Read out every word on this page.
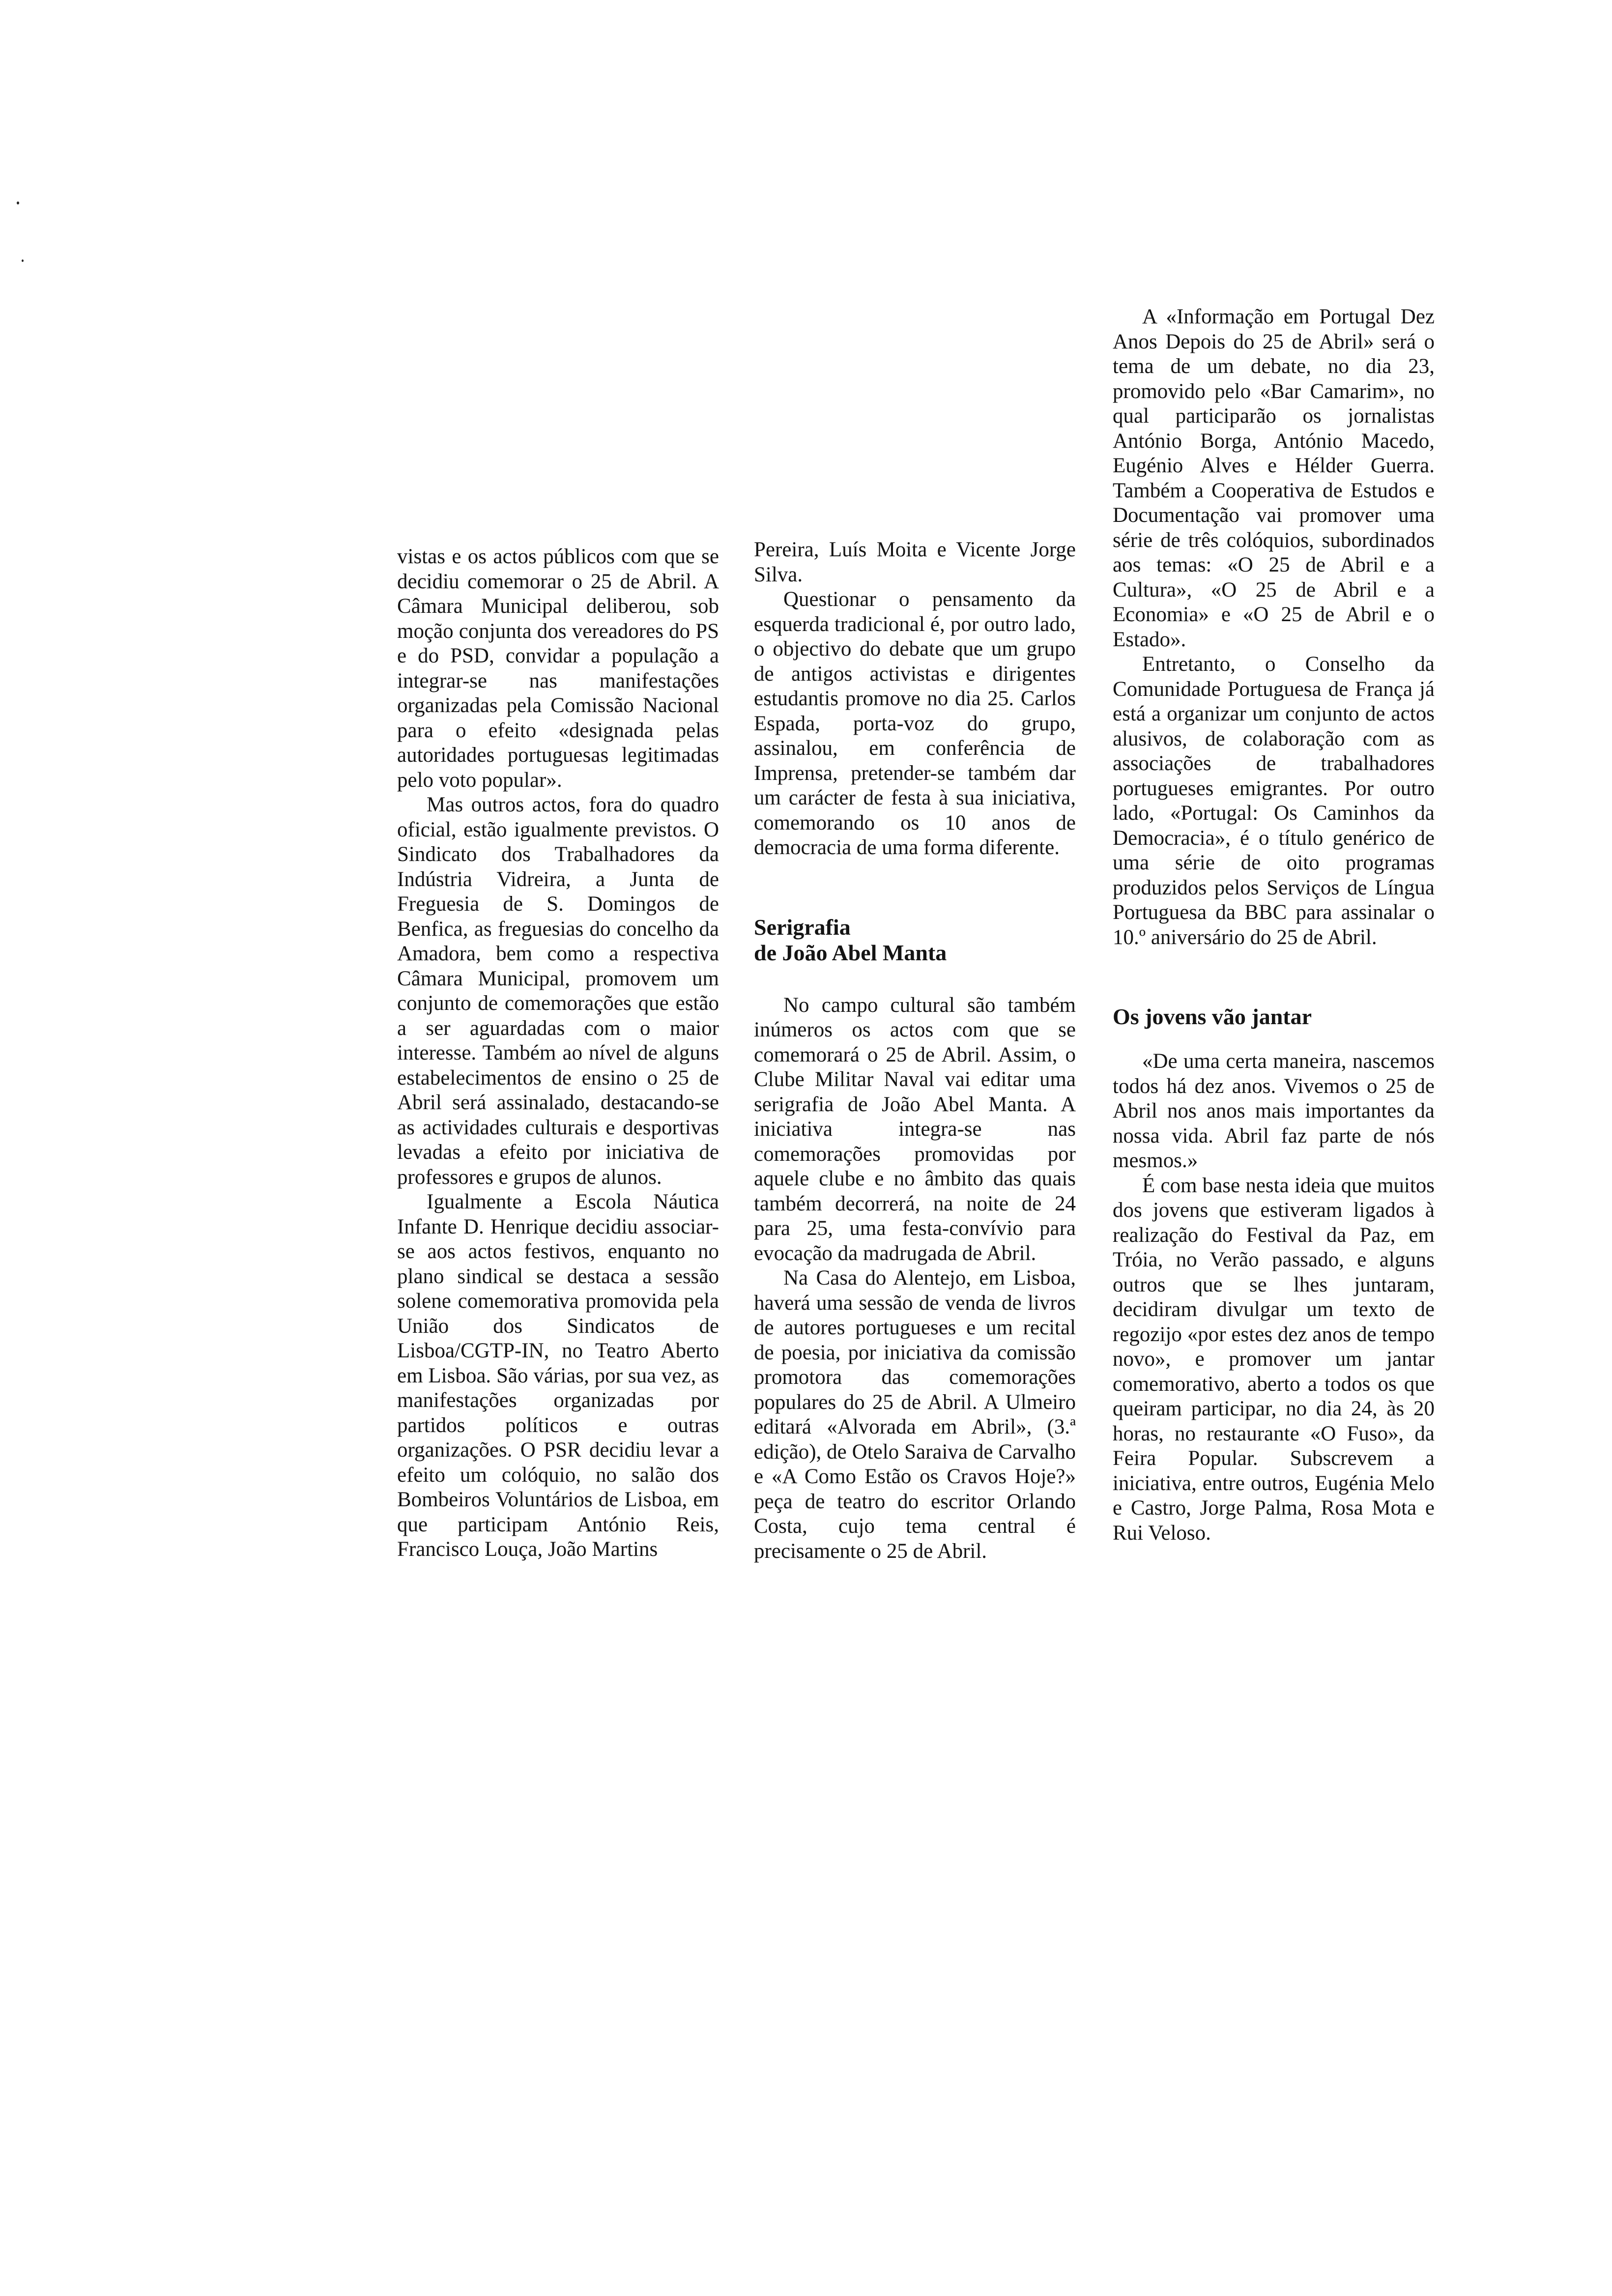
vistas e os actos públicos com que se decidiu comemorar o 25 de Abril. A Câmara Municipal deliberou, sob moção conjunta dos vereadores do PS e do PSD, convidar a população a integrar-se nas manifestações organizadas pela Comissão Nacional para o efeito «designada pelas autoridades portuguesas legitimadas pelo voto popular».

Mas outros actos, fora do quadro oficial, estão igualmente previstos. O Sindicato dos Trabalhadores da Indústria Vidreira, a Junta de Freguesia de S. Domingos de Benfica, as freguesias do concelho da Amadora, bem como a respectiva Câmara Municipal, promovem um conjunto de comemorações que estão a ser aguardadas com o maior interesse. Também ao nível de alguns estabelecimentos de ensino o 25 de Abril será assinalado, destacando-se as actividades culturais e desportivas levadas a efeito por iniciativa de professores e grupos de alunos.

Igualmente a Escola Náutica Infante D. Henrique decidiu associar-se aos actos festivos, enquanto no plano sindical se destaca a sessão solene comemorativa promovida pela União dos Sindicatos de Lisboa/CGTP-IN, no Teatro Aberto em Lisboa. São várias, por sua vez, as manifestações organizadas por partidos políticos e outras organizações. O PSR decidiu levar a efeito um colóquio, no salão dos Bombeiros Voluntários de Lisboa, em que participam António Reis, Francisco Louça, João Martins

Pereira, Luís Moita e Vicente Jorge Silva.

Questionar o pensamento da esquerda tradicional é, por outro lado, o objectivo do debate que um grupo de antigos activistas e dirigentes estudantis promove no dia 25. Carlos Espada, porta-voz do grupo, assinalou, em conferência de Imprensa, pretender-se também dar um carácter de festa à sua iniciativa, comemorando os 10 anos de democracia de uma forma diferente.

Serigrafia
de João Abel Manta

No campo cultural são também inúmeros os actos com que se comemorará o 25 de Abril. Assim, o Clube Militar Naval vai editar uma serigrafia de João Abel Manta. A iniciativa integra-se nas comemorações promovidas por aquele clube e no âmbito das quais também decorrerá, na noite de 24 para 25, uma festa-convívio para evocação da madrugada de Abril.

Na Casa do Alentejo, em Lisboa, haverá uma sessão de venda de livros de autores portugueses e um recital de poesia, por iniciativa da comissão promotora das comemorações populares do 25 de Abril. A Ulmeiro editará «Alvorada em Abril», (3.ª edição), de Otelo Saraiva de Carvalho e «A Como Estão os Cravos Hoje?» peça de teatro do escritor Orlando Costa, cujo tema central é precisamente o 25 de Abril.

A «Informação em Portugal Dez Anos Depois do 25 de Abril» será o tema de um debate, no dia 23, promovido pelo «Bar Camarim», no qual participarão os jornalistas António Borga, António Macedo, Eugénio Alves e Hélder Guerra. Também a Cooperativa de Estudos e Documentação vai promover uma série de três colóquios, subordinados aos temas: «O 25 de Abril e a Cultura», «O 25 de Abril e a Economia» e «O 25 de Abril e o Estado».

Entretanto, o Conselho da Comunidade Portuguesa de França já está a organizar um conjunto de actos alusivos, de colaboração com as associações de trabalhadores portugueses emigrantes. Por outro lado, «Portugal: Os Caminhos da Democracia», é o título genérico de uma série de oito programas produzidos pelos Serviços de Língua Portuguesa da BBC para assinalar o 10.º aniversário do 25 de Abril.

Os jovens vão jantar

«De uma certa maneira, nascemos todos há dez anos. Vivemos o 25 de Abril nos anos mais importantes da nossa vida. Abril faz parte de nós mesmos.»

É com base nesta ideia que muitos dos jovens que estiveram ligados à realização do Festival da Paz, em Tróia, no Verão passado, e alguns outros que se lhes juntaram, decidiram divulgar um texto de regozijo «por estes dez anos de tempo novo», e promover um jantar comemorativo, aberto a todos os que queiram participar, no dia 24, às 20 horas, no restaurante «O Fuso», da Feira Popular. Subscrevem a iniciativa, entre outros, Eugénia Melo e Castro, Jorge Palma, Rosa Mota e Rui Veloso.
